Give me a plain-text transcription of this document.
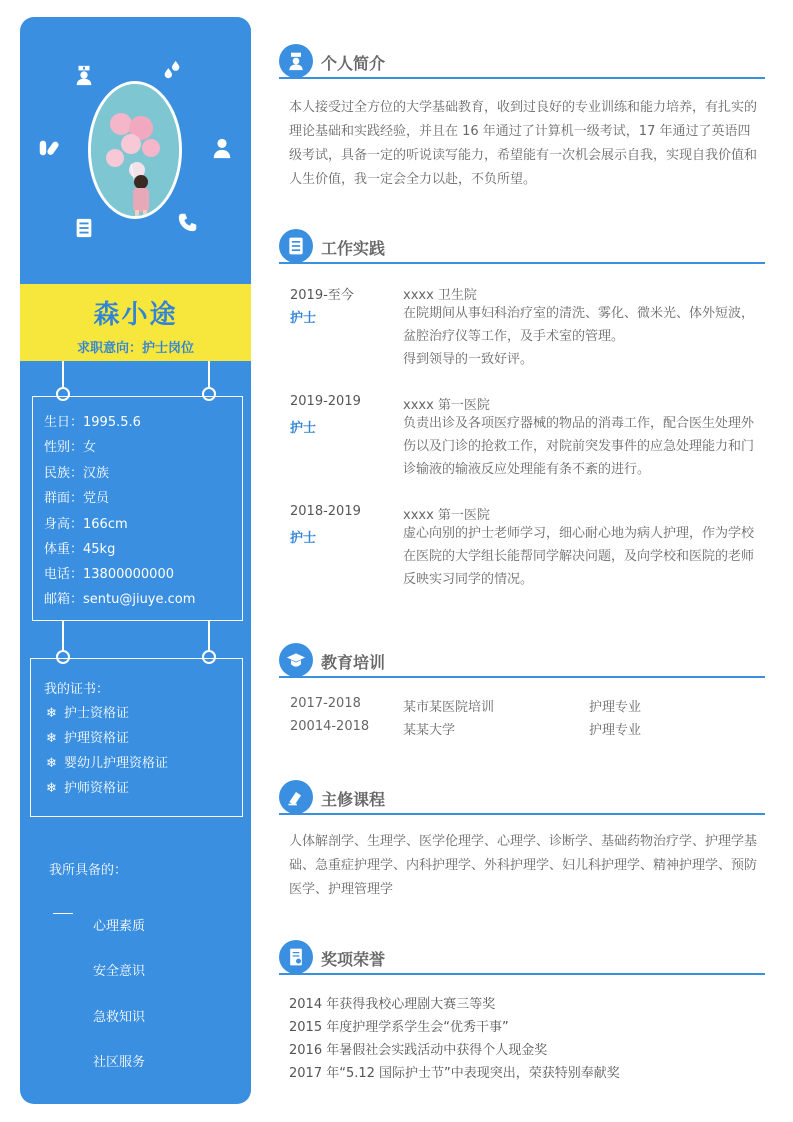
森小途
求职意向：护士岗位
生日：1995.5.6
性别：女
民族：汉族
群面：党员
身高：166cm
体重：45kg
电话：13800000000
邮箱：sentu@jiuye.com
我的证书：
❄ 护士资格证
❄ 护理资格证
❄ 婴幼儿护理资格证
❄ 护师资格证
我所具备的：
心理素质
安全意识
急救知识
社区服务
个人简介
本人接受过全方位的大学基础教育，收到过良好的专业训练和能力培养，有扎实的理论基础和实践经验，并且在 16 年通过了计算机一级考试，17 年通过了英语四级考试，具备一定的听说读写能力，希望能有一次机会展示自我，实现自我价值和人生价值，我一定会全力以赴，不负所望。
工作实践
2019-至今	xxxx 卫生院
护士	在院期间从事妇科治疗室的清洗、雾化、微米光、体外短波，
盆腔治疗仪等工作，及手术室的管理。
得到领导的一致好评。
2019-2019	xxxx 第一医院
护士	负责出诊及各项医疗器械的物品的消毒工作，配合医生处理外
伤以及门诊的抢救工作，对院前突发事件的应急处理能力和门
诊输液的输液反应处理能有条不紊的进行。
2018-2019	xxxx 第一医院
护士	虚心向别的护士老师学习，细心耐心地为病人护理，作为学校
在医院的大学组长能帮同学解决问题，及向学校和医院的老师
反映实习同学的情况。
教育培训
2017-2018	某市某医院培训	护理专业
20014-2018	某某大学	护理专业
主修课程
人体解剖学、生理学、医学伦理学、心理学、诊断学、基础药物治疗学、护理学基础、急重症护理学、内科护理学、外科护理学、妇儿科护理学、精神护理学、预防医学、护理管理学
奖项荣誉
2014 年获得我校心理剧大赛三等奖
2015 年度护理学系学生会“优秀干事”
2016 年暑假社会实践活动中获得个人现金奖
2017 年“5.12 国际护士节”中表现突出，荣获特别奉献奖
